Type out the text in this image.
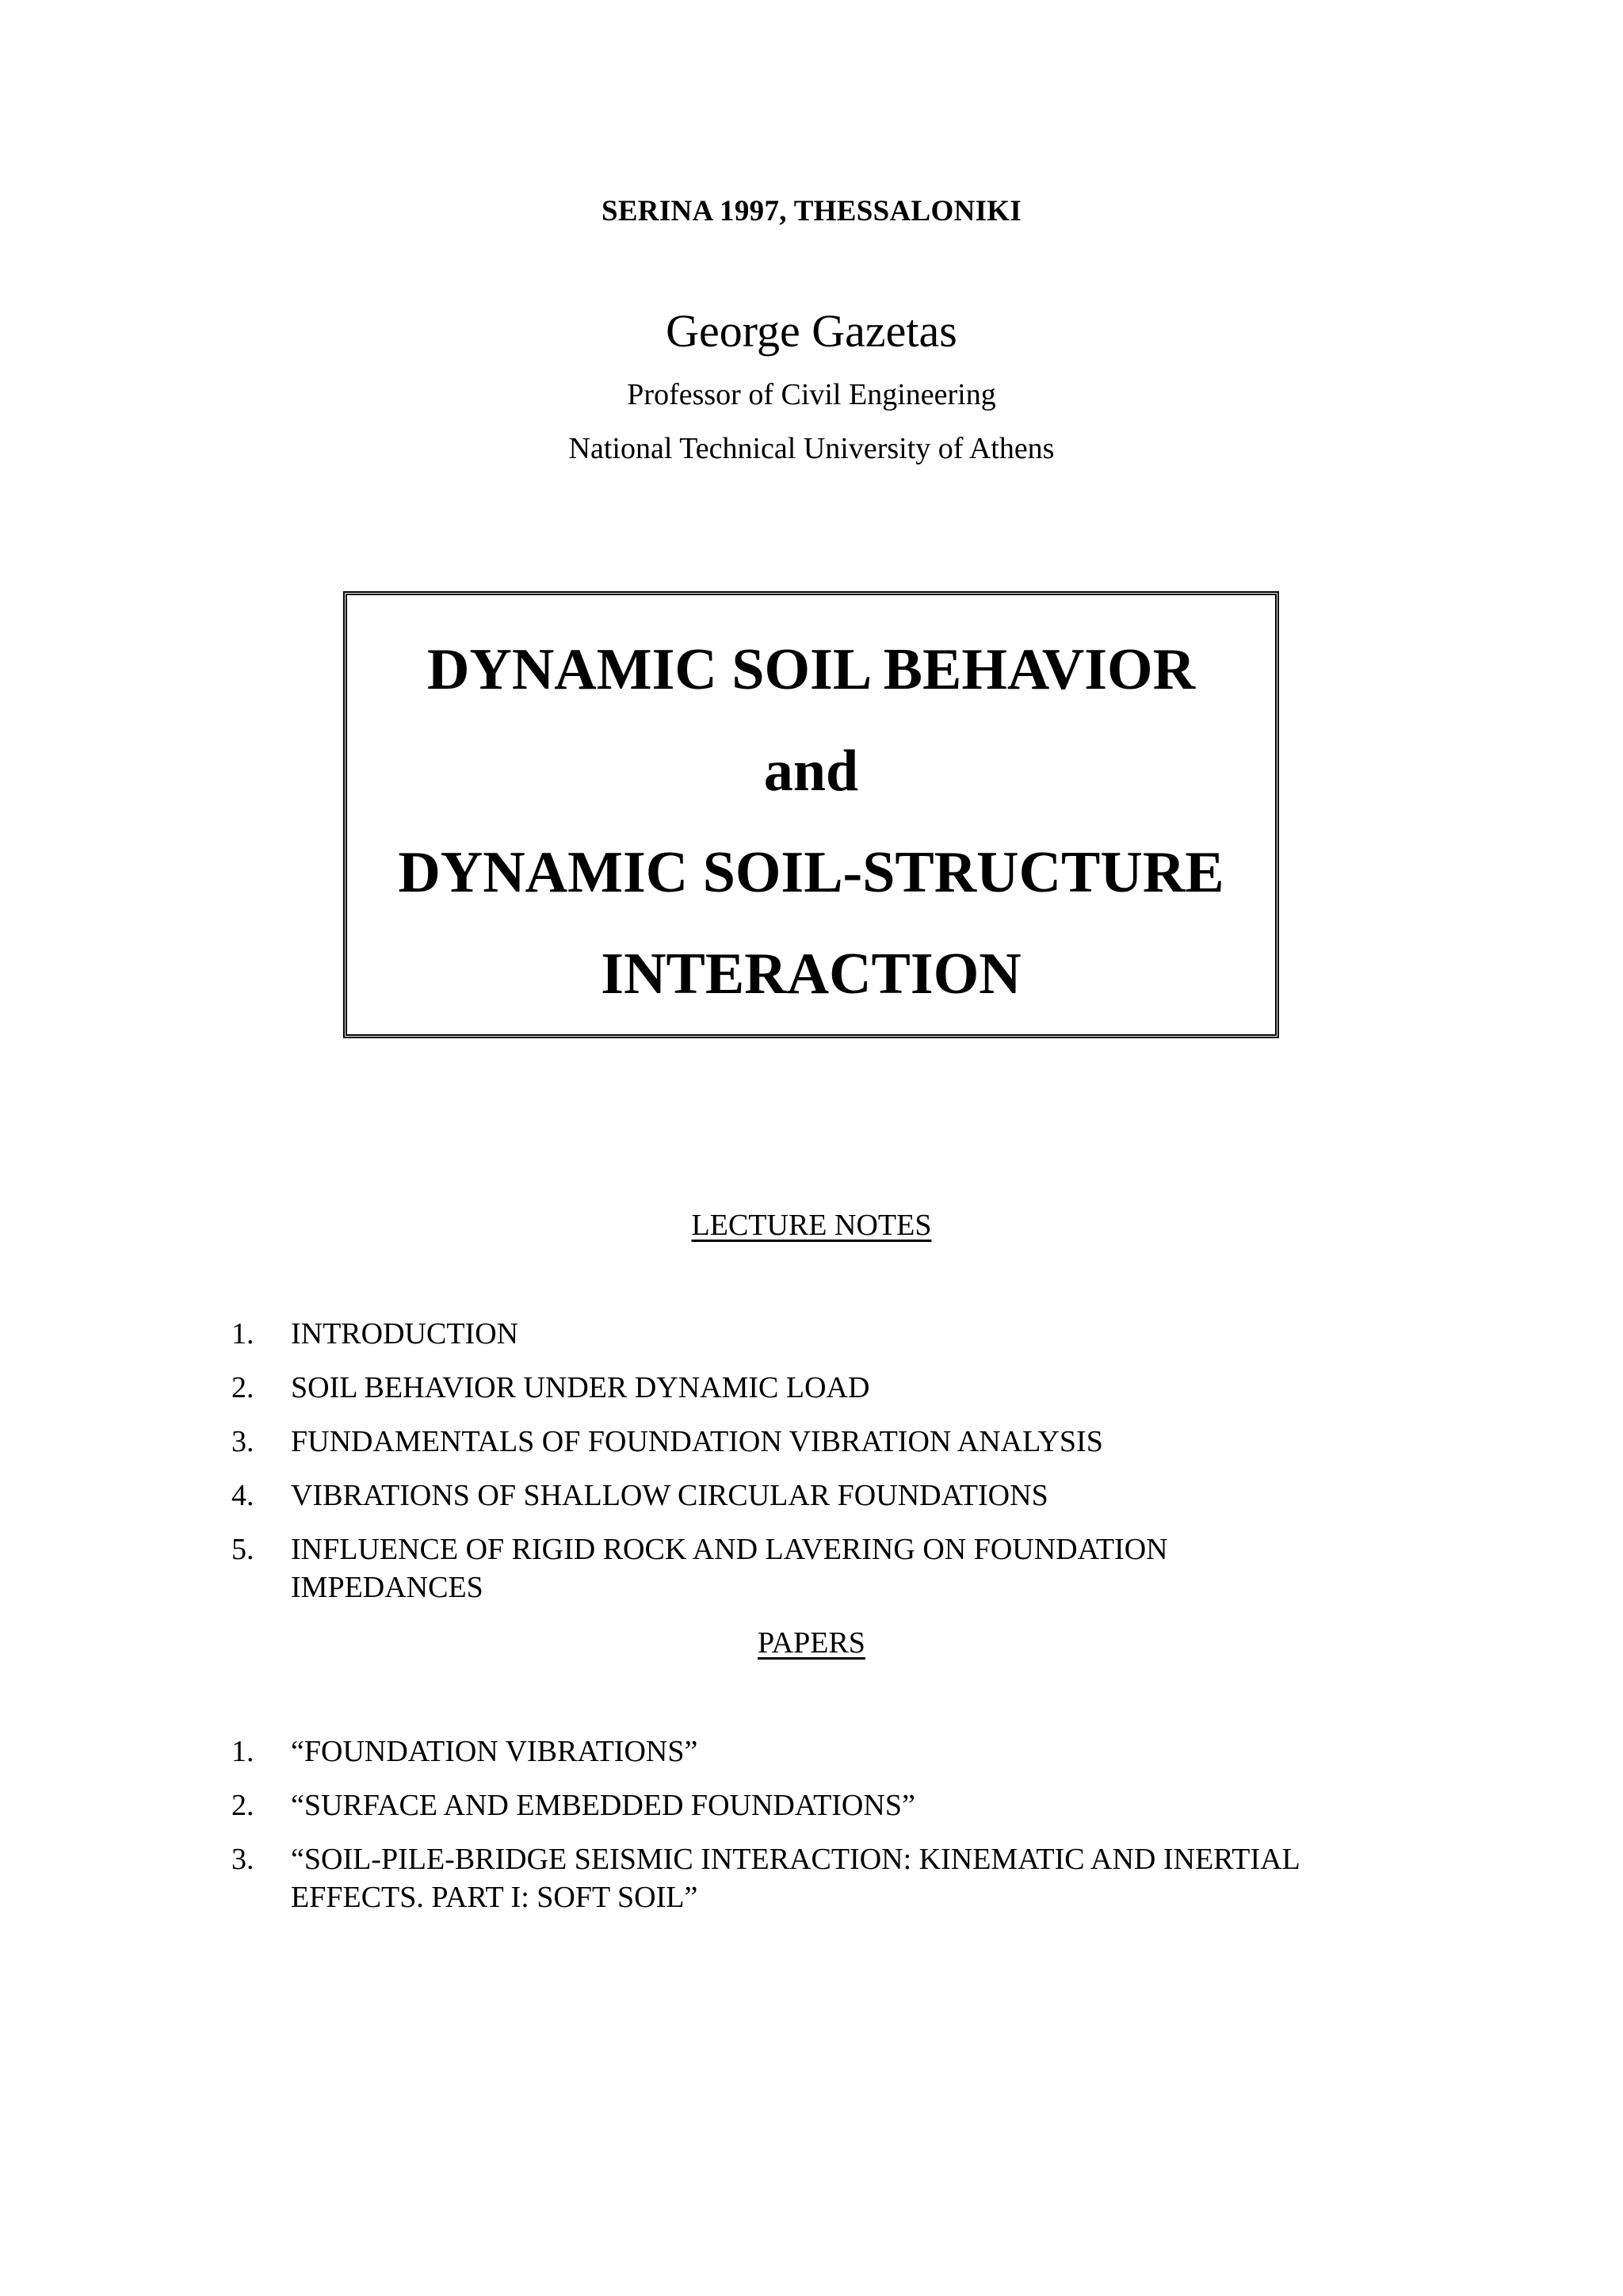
SERINA 1997, THESSALONIKI
George Gazetas
Professor of Civil Engineering
National Technical University of Athens
DYNAMIC SOIL BEHAVIOR
and
DYNAMIC SOIL-STRUCTURE
INTERACTION
LECTURE NOTES
1.	INTRODUCTION
2.	SOIL BEHAVIOR UNDER DYNAMIC LOAD
3.	FUNDAMENTALS OF FOUNDATION VIBRATION ANALYSIS
4.	VIBRATIONS OF SHALLOW CIRCULAR FOUNDATIONS
5.	INFLUENCE OF RIGID ROCK AND LAVERING ON FOUNDATION IMPEDANCES
PAPERS
1.	“FOUNDATION VIBRATIONS”
2.	“SURFACE AND EMBEDDED FOUNDATIONS”
3.	“SOIL-PILE-BRIDGE SEISMIC INTERACTION: KINEMATIC AND INERTIAL EFFECTS. PART I: SOFT SOIL”
